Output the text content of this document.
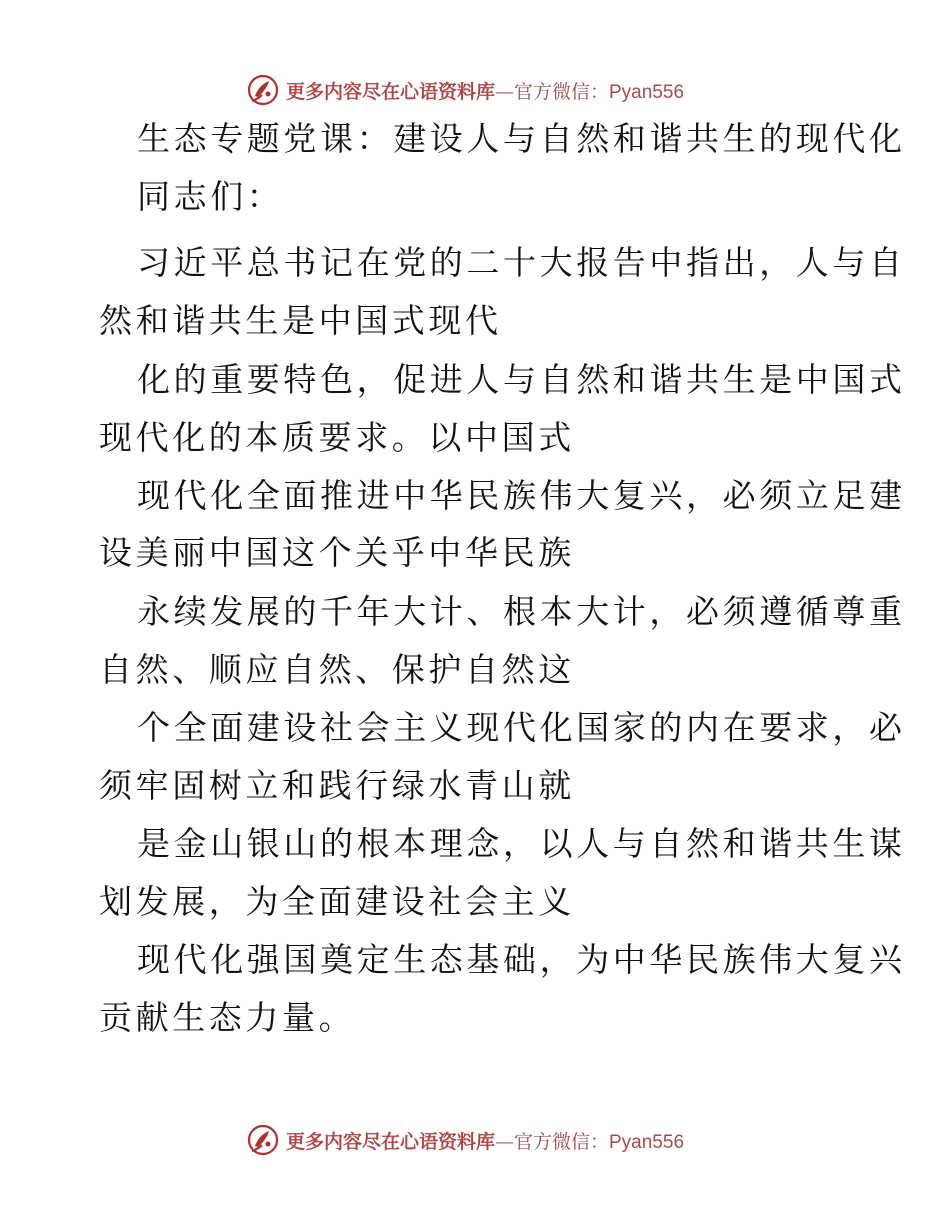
更多内容尽在心语资料库—官方微信：Pyan556
生态专题党课：建设人与自然和谐共生的现代化
同志们：
习近平总书记在党的二十大报告中指出，人与自
然和谐共生是中国式现代
化的重要特色，促进人与自然和谐共生是中国式
现代化的本质要求。以中国式
现代化全面推进中华民族伟大复兴，必须立足建
设美丽中国这个关乎中华民族
永续发展的千年大计、根本大计，必须遵循尊重
自然、顺应自然、保护自然这
个全面建设社会主义现代化国家的内在要求，必
须牢固树立和践行绿水青山就
是金山银山的根本理念，以人与自然和谐共生谋
划发展，为全面建设社会主义
现代化强国奠定生态基础，为中华民族伟大复兴
贡献生态力量。
更多内容尽在心语资料库—官方微信：Pyan556
